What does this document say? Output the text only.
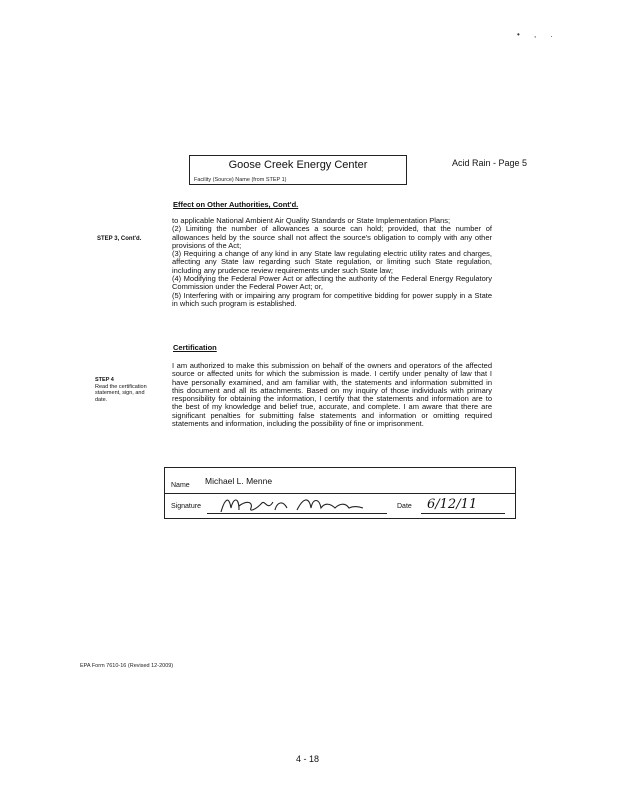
• , .
Goose Creek Energy Center
Facility (Source) Name (from STEP 1)
Acid Rain - Page 5
Effect on Other Authorities, Cont'd.
STEP 3, Cont'd.

to applicable National Ambient Air Quality Standards or State Implementation Plans;

(2) Limiting the number of allowances a source can hold; provided, that the number of allowances held by the source shall not affect the source's obligation to comply with any other provisions of the Act;

(3) Requiring a change of any kind in any State law regulating electric utility rates and charges, affecting any State law regarding such State regulation, or limiting such State regulation, including any prudence review requirements under such State law;

(4) Modifying the Federal Power Act or affecting the authority of the Federal Energy Regulatory Commission under the Federal Power Act; or,

(5) Interfering with or impairing any program for competitive bidding for power supply in a State in which such program is established.

Certification
STEP 4
Read the certification statement, sign, and date.
I am authorized to make this submission on behalf of the owners and operators of the affected source or affected units for which the submission is made. I certify under penalty of law that I have personally examined, and am familiar with, the statements and information submitted in this document and all its attachments. Based on my inquiry of those individuals with primary responsibility for obtaining the information, I certify that the statements and information are to the best of my knowledge and belief true, accurate, and complete. I am aware that there are significant penalties for submitting false statements and information or omitting required statements and information, including the possibility of fine or imprisonment.
Michael L. Menne
Name
Signature	Date 6/12/11
EPA Form 7610-16 (Revised 12-2009)
4 - 18
